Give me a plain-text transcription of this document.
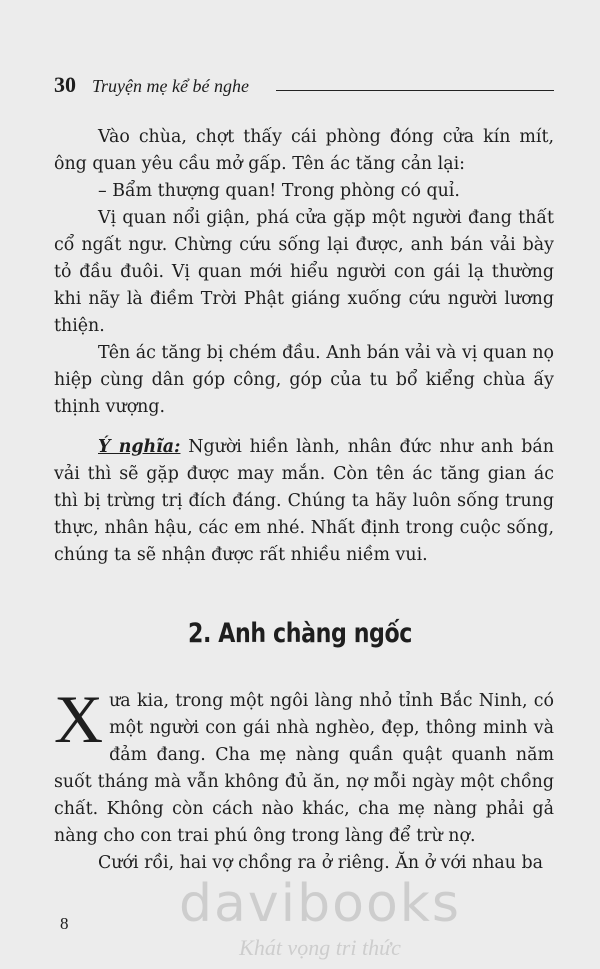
30 Truyện mẹ kể bé nghe

Vào chùa, chợt thấy cái phòng đóng cửa kín mít, ông quan yêu cầu mở gấp. Tên ác tăng cản lại:

– Bẩm thượng quan! Trong phòng có quỉ.

Vị quan nổi giận, phá cửa gặp một người đang thất cổ ngất ngư. Chừng cứu sống lại được, anh bán vải bày tỏ đầu đuôi. Vị quan mới hiểu người con gái lạ thường khi nãy là điềm Trời Phật giáng xuống cứu người lương thiện.

Tên ác tăng bị chém đầu. Anh bán vải và vị quan nọ hiệp cùng dân góp công, góp của tu bổ kiểng chùa ấy thịnh vượng.

Ý nghĩa: Người hiền lành, nhân đức như anh bán vải thì sẽ gặp được may mắn. Còn tên ác tăng gian ác thì bị trừng trị đích đáng. Chúng ta hãy luôn sống trung thực, nhân hậu, các em nhé. Nhất định trong cuộc sống, chúng ta sẽ nhận được rất nhiều niềm vui.

2. Anh chàng ngốc

Xưa kia, trong một ngôi làng nhỏ tỉnh Bắc Ninh, có một người con gái nhà nghèo, đẹp, thông minh và đảm đang. Cha mẹ nàng quần quật quanh năm suốt tháng mà vẫn không đủ ăn, nợ mỗi ngày một chồng chất. Không còn cách nào khác, cha mẹ nàng phải gả nàng cho con trai phú ông trong làng để trừ nợ.

Cưới rồi, hai vợ chồng ra ở riêng. Ăn ở với nhau ba

8	davibooks
Khát vọng tri thức
